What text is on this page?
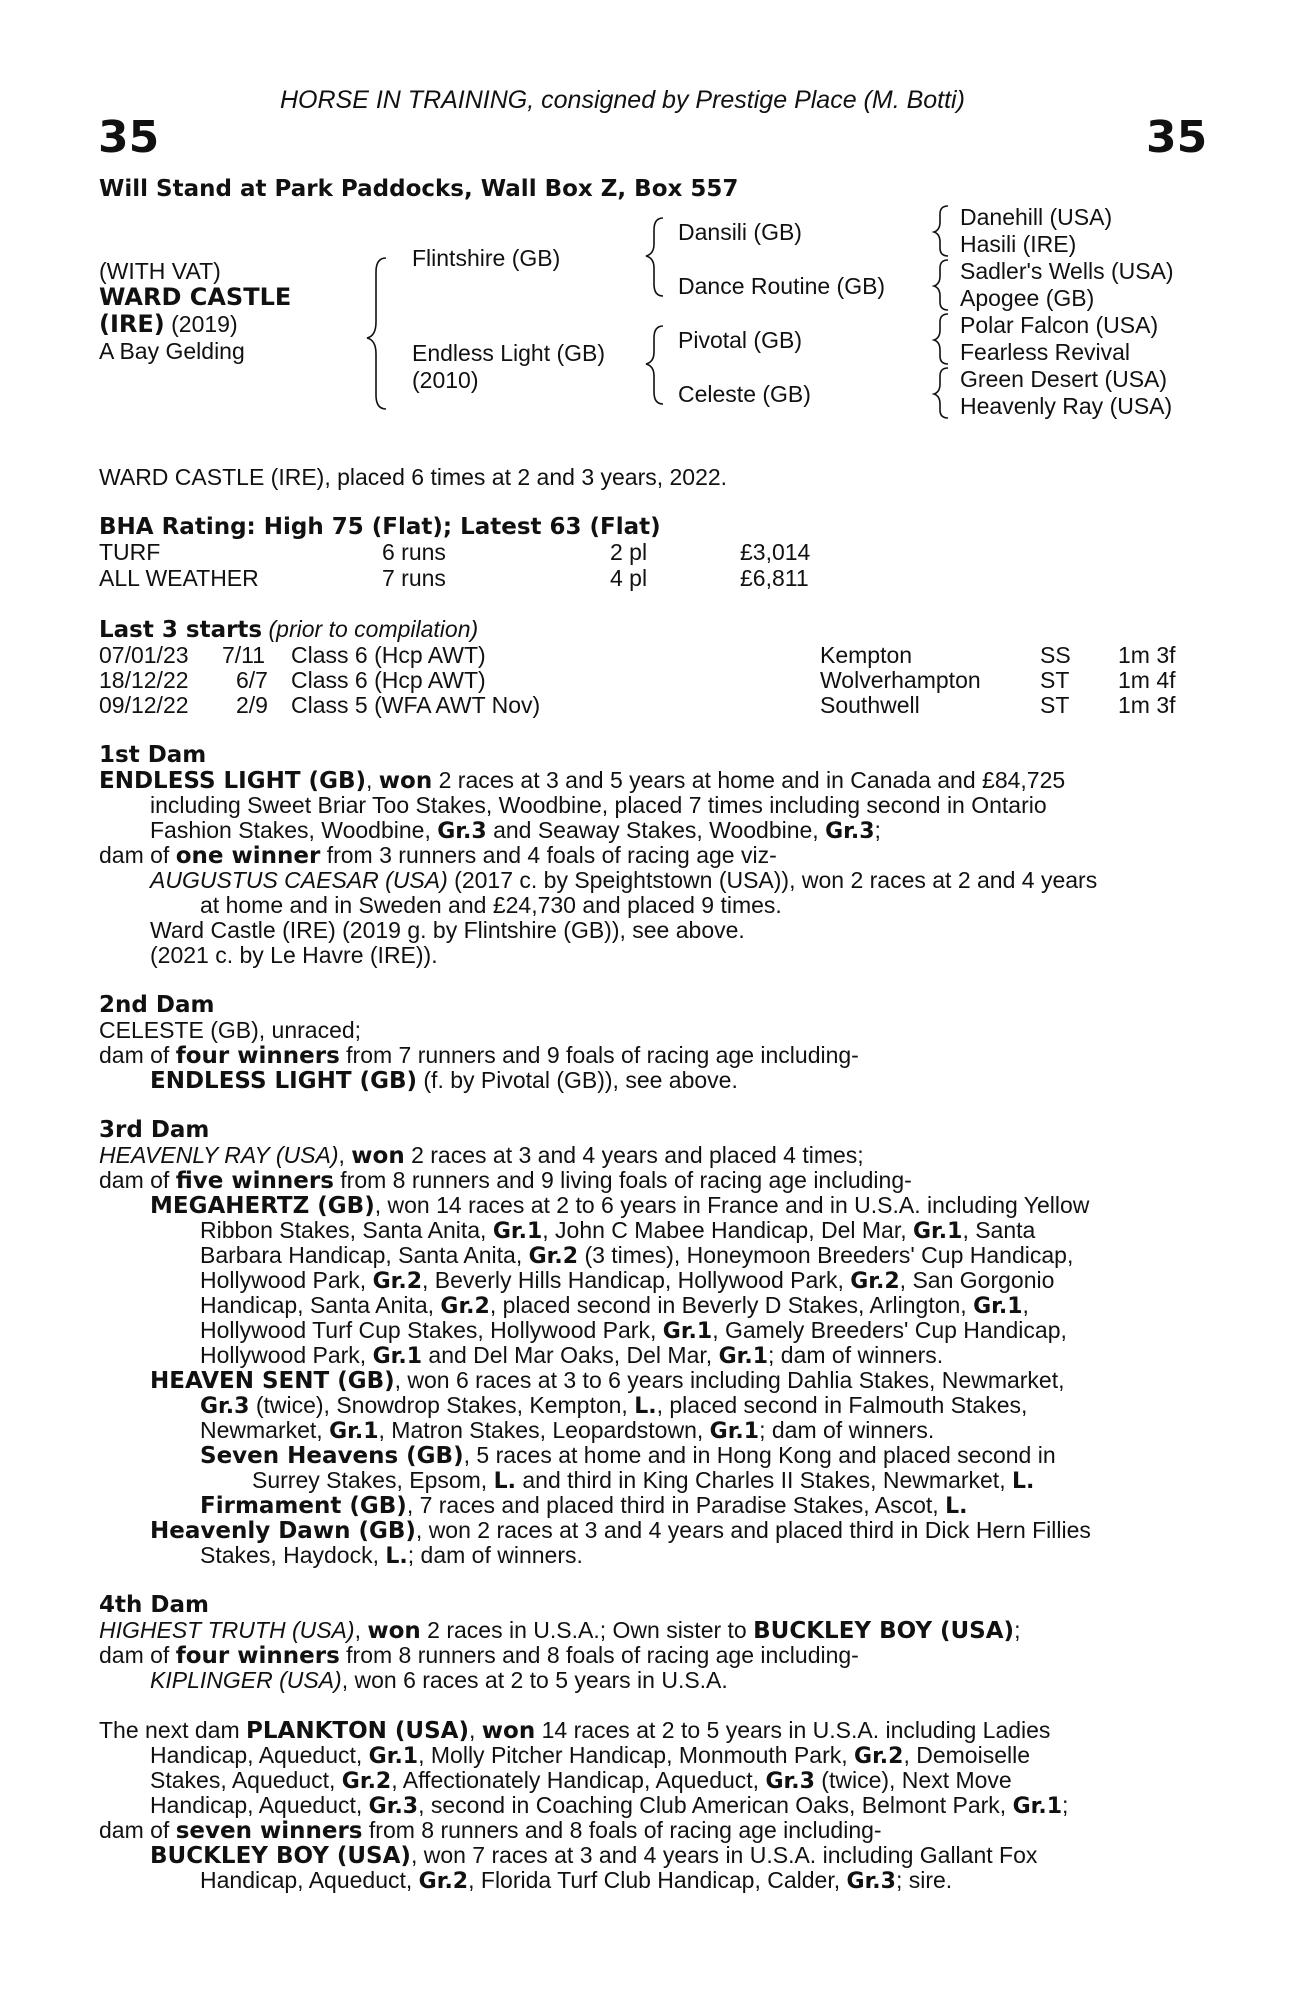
HORSE IN TRAINING, consigned by Prestige Place (M. Botti)
35	35
Will Stand at Park Paddocks, Wall Box Z, Box 557
(WITH VAT)
WARD CASTLE
(IRE) (2019)
A Bay Gelding
Flintshire (GB)
Endless Light (GB)
(2010)
Dansili (GB)
Dance Routine (GB)
Pivotal (GB)
Celeste (GB)
Danehill (USA)
Hasili (IRE)
Sadler's Wells (USA)
Apogee (GB)
Polar Falcon (USA)
Fearless Revival
Green Desert (USA)
Heavenly Ray (USA)
WARD CASTLE (IRE), placed 6 times at 2 and 3 years, 2022.
BHA Rating: High 75 (Flat); Latest 63 (Flat)
TURF	6 runs	2 pl	£3,014
ALL WEATHER	7 runs	4 pl	£6,811
Last 3 starts (prior to compilation)
07/01/23 7/11 Class 6 (Hcp AWT)	Kempton	SS 1m 3f
18/12/22 6/7 Class 6 (Hcp AWT)	Wolverhampton	ST 1m 4f
09/12/22 2/9 Class 5 (WFA AWT Nov)	Southwell	ST 1m 3f
1st Dam
ENDLESS LIGHT (GB), won 2 races at 3 and 5 years at home and in Canada and £84,725
including Sweet Briar Too Stakes, Woodbine, placed 7 times including second in Ontario
Fashion Stakes, Woodbine, Gr.3 and Seaway Stakes, Woodbine, Gr.3;
dam of one winner from 3 runners and 4 foals of racing age viz-
AUGUSTUS CAESAR (USA) (2017 c. by Speightstown (USA)), won 2 races at 2 and 4 years
at home and in Sweden and £24,730 and placed 9 times.
Ward Castle (IRE) (2019 g. by Flintshire (GB)), see above.
(2021 c. by Le Havre (IRE)).
2nd Dam
CELESTE (GB), unraced;
dam of four winners from 7 runners and 9 foals of racing age including-
ENDLESS LIGHT (GB) (f. by Pivotal (GB)), see above.
3rd Dam
HEAVENLY RAY (USA), won 2 races at 3 and 4 years and placed 4 times;
dam of five winners from 8 runners and 9 living foals of racing age including-
MEGAHERTZ (GB), won 14 races at 2 to 6 years in France and in U.S.A. including Yellow
Ribbon Stakes, Santa Anita, Gr.1, John C Mabee Handicap, Del Mar, Gr.1, Santa
Barbara Handicap, Santa Anita, Gr.2 (3 times), Honeymoon Breeders' Cup Handicap,
Hollywood Park, Gr.2, Beverly Hills Handicap, Hollywood Park, Gr.2, San Gorgonio
Handicap, Santa Anita, Gr.2, placed second in Beverly D Stakes, Arlington, Gr.1,
Hollywood Turf Cup Stakes, Hollywood Park, Gr.1, Gamely Breeders' Cup Handicap,
Hollywood Park, Gr.1 and Del Mar Oaks, Del Mar, Gr.1; dam of winners.
HEAVEN SENT (GB), won 6 races at 3 to 6 years including Dahlia Stakes, Newmarket,
Gr.3 (twice), Snowdrop Stakes, Kempton, L., placed second in Falmouth Stakes,
Newmarket, Gr.1, Matron Stakes, Leopardstown, Gr.1; dam of winners.
Seven Heavens (GB), 5 races at home and in Hong Kong and placed second in
Surrey Stakes, Epsom, L. and third in King Charles II Stakes, Newmarket, L.
Firmament (GB), 7 races and placed third in Paradise Stakes, Ascot, L.
Heavenly Dawn (GB), won 2 races at 3 and 4 years and placed third in Dick Hern Fillies
Stakes, Haydock, L.; dam of winners.
4th Dam
HIGHEST TRUTH (USA), won 2 races in U.S.A.; Own sister to BUCKLEY BOY (USA);
dam of four winners from 8 runners and 8 foals of racing age including-
KIPLINGER (USA), won 6 races at 2 to 5 years in U.S.A.
The next dam PLANKTON (USA), won 14 races at 2 to 5 years in U.S.A. including Ladies
Handicap, Aqueduct, Gr.1, Molly Pitcher Handicap, Monmouth Park, Gr.2, Demoiselle
Stakes, Aqueduct, Gr.2, Affectionately Handicap, Aqueduct, Gr.3 (twice), Next Move
Handicap, Aqueduct, Gr.3, second in Coaching Club American Oaks, Belmont Park, Gr.1;
dam of seven winners from 8 runners and 8 foals of racing age including-
BUCKLEY BOY (USA), won 7 races at 3 and 4 years in U.S.A. including Gallant Fox
Handicap, Aqueduct, Gr.2, Florida Turf Club Handicap, Calder, Gr.3; sire.
